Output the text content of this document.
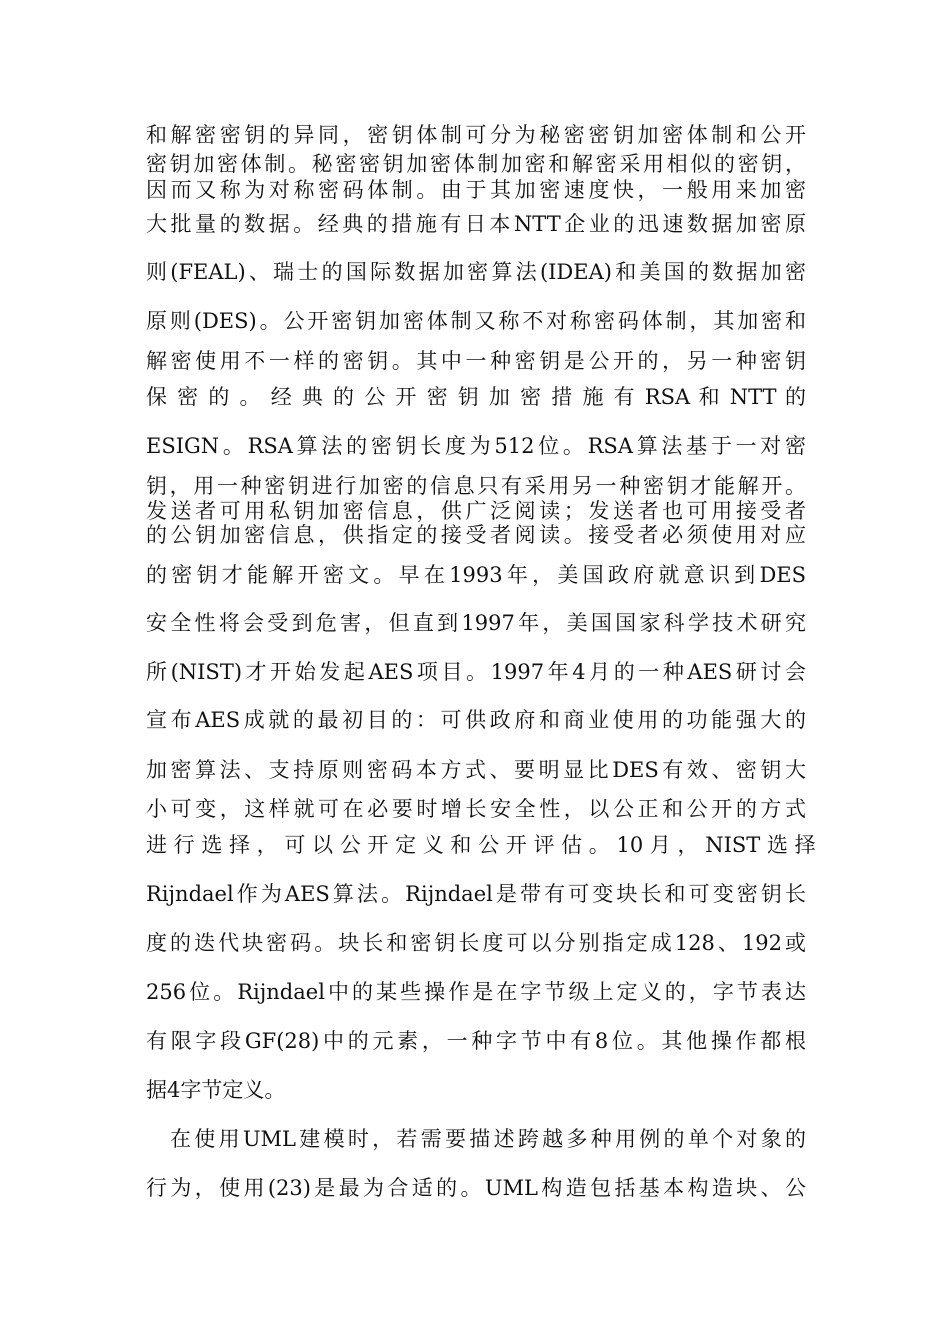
和解密密钥的异同，密钥体制可分为秘密密钥加密体制和公开
密钥加密体制。秘密密钥加密体制加密和解密采用相似的密钥，
因而又称为对称密码体制。由于其加密速度快，一般用来加密
大批量的数据。经典的措施有日本NTT企业的迅速数据加密原
则(FEAL)、瑞士的国际数据加密算法(IDEA)和美国的数据加密
原则(DES)。公开密钥加密体制又称不对称密码体制，其加密和
解密使用不一样的密钥。其中一种密钥是公开的，另一种密钥
保 密 的 。 经 典 的 公 开 密 钥 加 密 措 施 有 RSA 和 NTT 的
ESIGN。RSA算法的密钥长度为512位。RSA算法基于一对密
钥，用一种密钥进行加密的信息只有采用另一种密钥才能解开。
发送者可用私钥加密信息，供广泛阅读；发送者也可用接受者
的公钥加密信息，供指定的接受者阅读。接受者必须使用对应
的密钥才能解开密文。早在1993年，美国政府就意识到DES
安全性将会受到危害，但直到1997年，美国国家科学技术研究
所(NIST)才开始发起AES项目。1997年4月的一种AES研讨会
宣布AES成就的最初目的：可供政府和商业使用的功能强大的
加密算法、支持原则密码本方式、要明显比DES有效、密钥大
小可变，这样就可在必要时增长安全性，以公正和公开的方式
进 行 选 择 ， 可 以 公 开 定 义 和 公 开 评 估 。 10 月 ， NIST 选 择
Rijndael作为AES算法。Rijndael是带有可变块长和可变密钥长
度的迭代块密码。块长和密钥长度可以分别指定成128、192或
256位。Rijndael中的某些操作是在字节级上定义的，字节表达
有限字段GF(28)中的元素，一种字节中有8位。其他操作都根
据4字节定义。
在使用UML建模时，若需要描述跨越多种用例的单个对象的
行为，使用(23)是最为合适的。UML构造包括基本构造块、公
